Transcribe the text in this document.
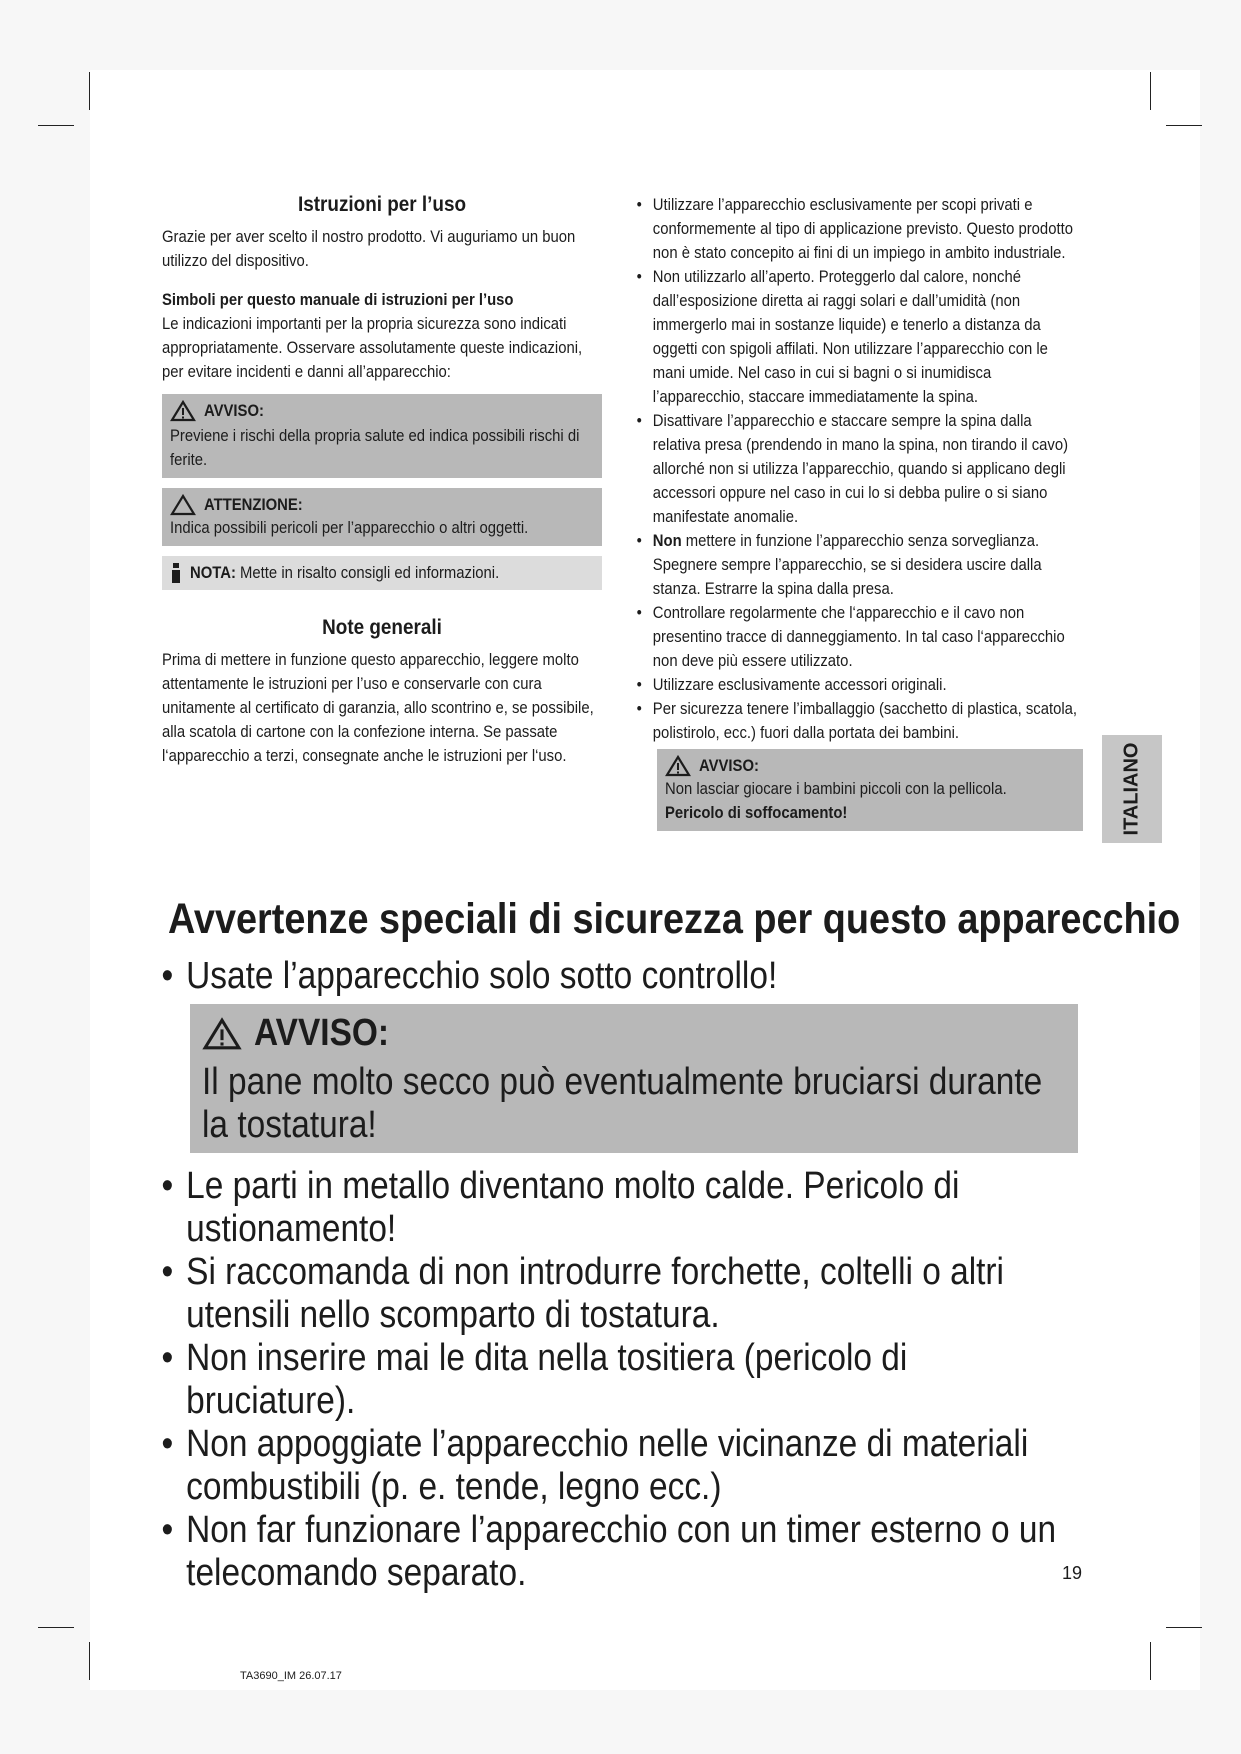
Istruzioni per l’uso

Grazie per aver scelto il nostro prodotto. Vi auguriamo un buon utilizzo del dispositivo.

Simboli per questo manuale di istruzioni per l’uso

Le indicazioni importanti per la propria sicurezza sono indicati appropriatamente. Osservare assolutamente queste indicazioni, per evitare incidenti e danni all’apparecchio:

AVVISO:

Previene i rischi della propria salute ed indica possibili rischi di ferite.

ATTENZIONE:

Indica possibili pericoli per l’apparecchio o altri oggetti.

NOTA: Mette in risalto consigli ed informazioni.
Note generali

Prima di mettere in funzione questo apparecchio, leggere molto attentamente le istruzioni per l’uso e conservarle con cura unitamente al certificato di garanzia, allo scontrino e, se possibile, alla scatola di cartone con la confezione interna. Se passate l‘apparecchio a terzi, consegnate anche le istruzioni per l‘uso.

• Utilizzare l’apparecchio esclusivamente per scopi privati e conformemente al tipo di applicazione previsto. Questo prodotto non è stato concepito ai fini di un impiego in ambito industriale.
• Non utilizzarlo all’aperto. Proteggerlo dal calore, nonché dall’esposizione diretta ai raggi solari e dall’umidità (non immergerlo mai in sostanze liquide) e tenerlo a distanza da oggetti con spigoli affilati. Non utilizzare l’apparecchio con le mani umide. Nel caso in cui si bagni o si inumidisca l’apparecchio, staccare immediatamente la spina.
• Disattivare l’apparecchio e staccare sempre la spina dalla relativa presa (prendendo in mano la spina, non tirando il cavo) allorché non si utilizza l’apparecchio, quando si applicano degli accessori oppure nel caso in cui lo si debba pulire o si siano manifestate anomalie.
• Non mettere in funzione l’apparecchio senza sorveglianza. Spegnere sempre l’apparecchio, se si desidera uscire dalla stanza. Estrarre la spina dalla presa.
• Controllare regolarmente che l‘apparecchio e il cavo non presentino tracce di danneggiamento. In tal caso l‘apparecchio non deve più essere utilizzato.
• Utilizzare esclusivamente accessori originali.
• Per sicurezza tenere l’imballaggio (sacchetto di plastica, scatola, polistirolo, ecc.) fuori dalla portata dei bambini.
AVVISO:

Non lasciar giocare i bambini piccoli con la pellicola.

Pericolo di soffocamento!	ITALIANO
Avvertenze speciali di sicurezza per questo apparecchio
• Usate l’apparecchio solo sotto controllo!
AVVISO:

Il pane molto secco può eventualmente bruciarsi durante la tostatura!

• Le parti in metallo diventano molto calde. Pericolo di ustionamento!
• Si raccomanda di non introdurre forchette, coltelli o altri utensili nello scomparto di tostatura.
• Non inserire mai le dita nella tositiera (pericolo di bruciature).
• Non appoggiate l’apparecchio nelle vicinanze di materiali combustibili (p. e. tende, legno ecc.)
• Non far funzionare l’apparecchio con un timer esterno o un telecomando separato.	19
TA3690_IM 26.07.17
